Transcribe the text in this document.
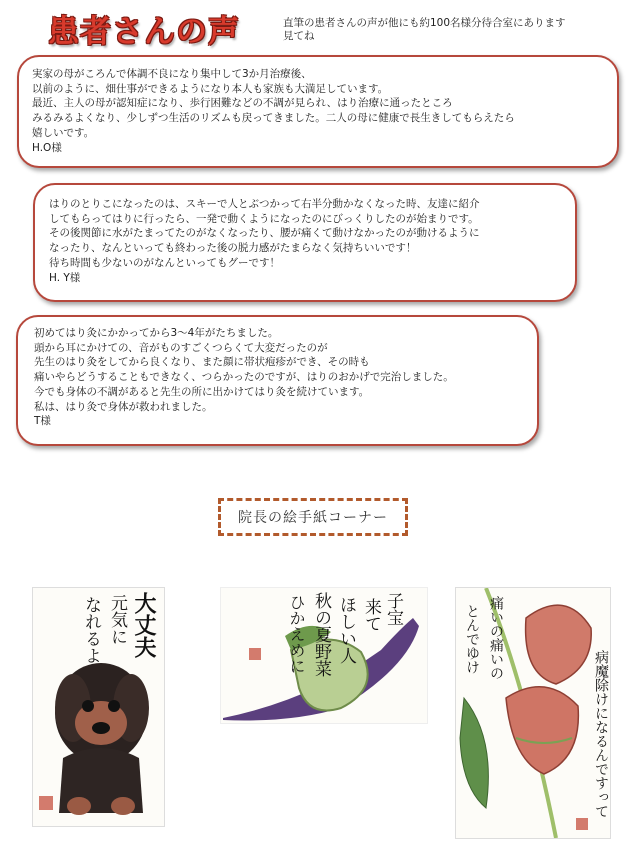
患者さんの声	直筆の患者さんの声が他にも約100名様分待合室にあります
見てね
実家の母がころんで体調不良になり集中して3か月治療後、
以前のように、畑仕事ができるようになり本人も家族も大満足しています。
最近、主人の母が認知症になり、歩行困難などの不調が見られ、はり治療に通ったところ
みるみるよくなり、少しずつ生活のリズムも戻ってきました。二人の母に健康で長生きしてもらえたら
嬉しいです。
H.O様
はりのとりこになったのは、スキーで人とぶつかって右半分動かなくなった時、友達に紹介
してもらってはりに行ったら、一発で動くようになったのにびっくりしたのが始まりです。
その後関節に水がたまってたのがなくなったり、腰が痛くて動けなかったのが動けるように
なったり、なんといっても終わった後の脱力感がたまらなく気持ちいいです！
待ち時間も少ないのがなんといってもグーです！
H. Y様
初めてはり灸にかかってから3〜4年がたちました。
頭から耳にかけての、音がものすごくつらくて大変だったのが
先生のはり灸をしてから良くなり、また顔に帯状疱疹ができ、その時も
痛いやらどうすることもできなく、つらかったのですが、はりのおかげで完治しました。
今でも身体の不調があると先生の所に出かけてはり灸を続けています。
私は、はり灸で身体が救われました。
T様
院長の絵手紙コーナー
大丈夫
元気に
なれるよ	子宝
来て
ほしい人
秋の夏野菜
ひかえめに	痛いの痛いの
とんでゆけ
病魔除けになるんですって
